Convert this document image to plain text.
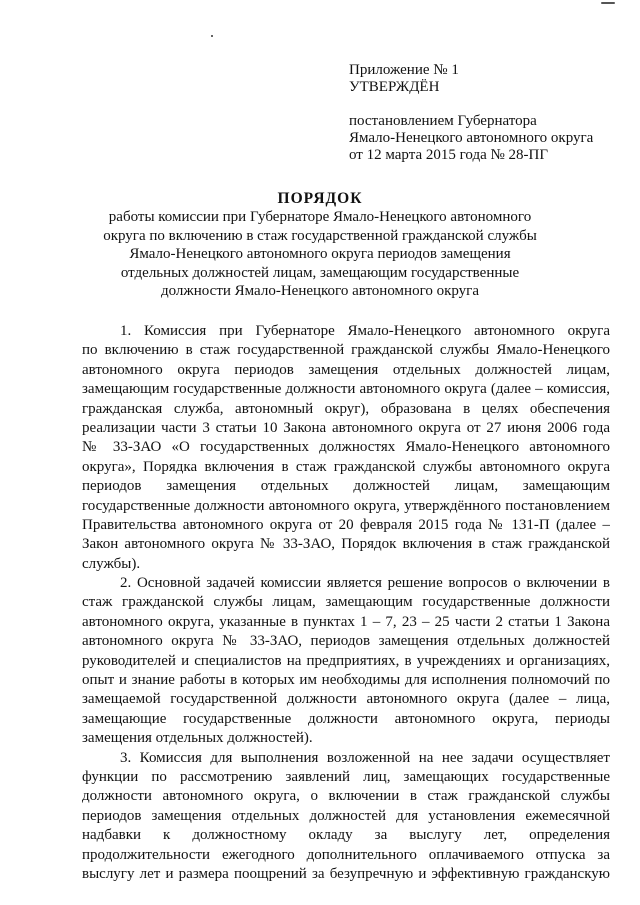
Приложение № 1
УТВЕРЖДЁН
постановлением Губернатора
Ямало-Ненецкого автономного округа
от 12 марта 2015 года № 28-ПГ
ПОРЯДОК
работы комиссии при Губернаторе Ямало-Ненецкого автономного
округа по включению в стаж государственной гражданской службы
Ямало-Ненецкого автономного округа периодов замещения
отдельных должностей лицам, замещающим государственные
должности Ямало-Ненецкого автономного округа
1. Комиссия при Губернаторе Ямало-Ненецкого автономного округа
по включению в стаж государственной гражданской службы Ямало-Ненецкого
автономного округа периодов замещения отдельных должностей лицам,
замещающим государственные должности автономного округа (далее – комиссия,
гражданская служба, автономный округ), образована в целях обеспечения
реализации части 3 статьи 10 Закона автономного округа от 27 июня 2006 года
№ 33-ЗАО «О государственных должностях Ямало-Ненецкого автономного
округа», Порядка включения в стаж гражданской службы автономного округа
периодов замещения отдельных должностей лицам, замещающим
государственные должности автономного округа, утверждённого постановлением
Правительства автономного округа от 20 февраля 2015 года № 131-П (далее –
Закон автономного округа № 33-ЗАО, Порядок включения в стаж гражданской
службы).
2. Основной задачей комиссии является решение вопросов о включении в
стаж гражданской службы лицам, замещающим государственные должности
автономного округа, указанные в пунктах 1 – 7, 23 – 25 части 2 статьи 1 Закона
автономного округа № 33-ЗАО, периодов замещения отдельных должностей
руководителей и специалистов на предприятиях, в учреждениях и организациях,
опыт и знание работы в которых им необходимы для исполнения полномочий по
замещаемой государственной должности автономного округа (далее – лица,
замещающие государственные должности автономного округа, периоды
замещения отдельных должностей).
3. Комиссия для выполнения возложенной на нее задачи осуществляет
функции по рассмотрению заявлений лиц, замещающих государственные
должности автономного округа, о включении в стаж гражданской службы
периодов замещения отдельных должностей для установления ежемесячной
надбавки к должностному окладу за выслугу лет, определения
продолжительности ежегодного дополнительного оплачиваемого отпуска за
выслугу лет и размера поощрений за безупречную и эффективную гражданскую
